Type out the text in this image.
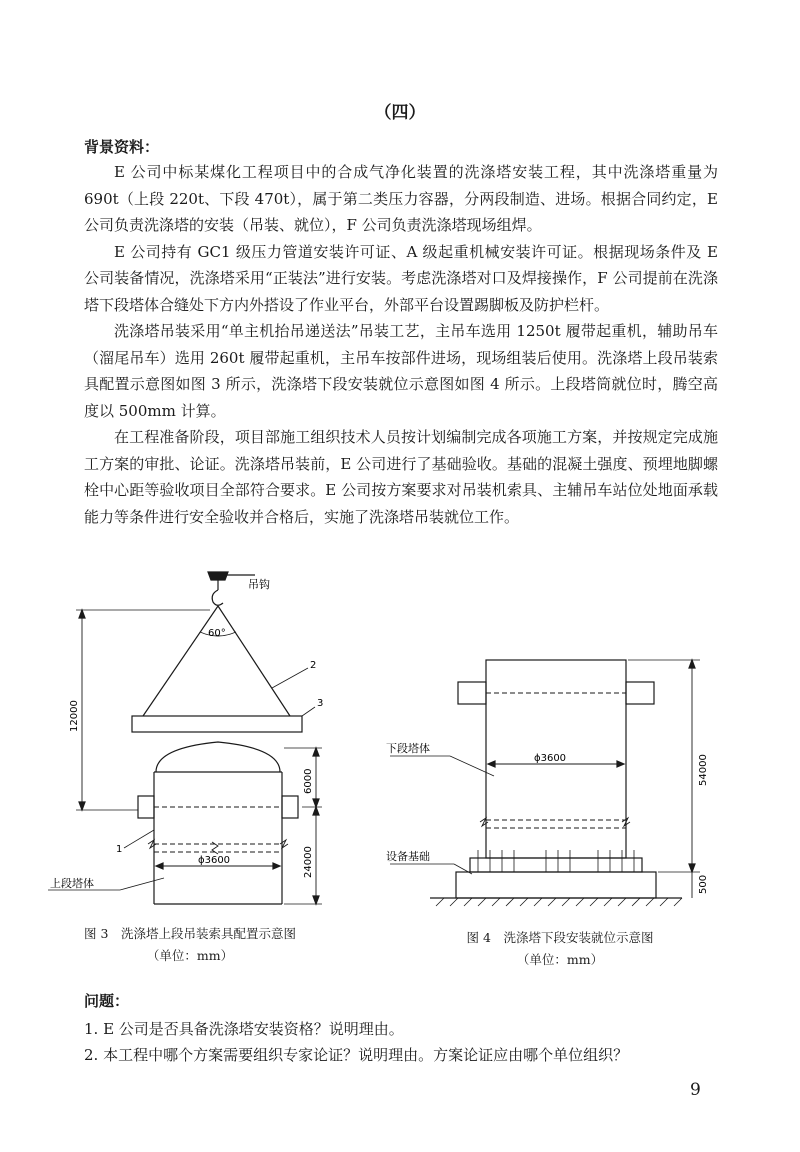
（四）
背景资料：

E 公司中标某煤化工程项目中的合成气净化装置的洗涤塔安装工程，其中洗涤塔重量为 690t（上段 220t、下段 470t），属于第二类压力容器，分两段制造、进场。根据合同约定，E 公司负责洗涤塔的安装（吊装、就位），F 公司负责洗涤塔现场组焊。

E 公司持有 GC1 级压力管道安装许可证、A 级起重机械安装许可证。根据现场条件及 E 公司装备情况，洗涤塔采用“正装法”进行安装。考虑洗涤塔对口及焊接操作，F 公司提前在洗涤塔下段塔体合缝处下方内外搭设了作业平台，外部平台设置踢脚板及防护栏杆。

洗涤塔吊装采用“单主机抬吊递送法”吊装工艺，主吊车选用 1250t 履带起重机，辅助吊车（溜尾吊车）选用 260t 履带起重机，主吊车按部件进场，现场组装后使用。洗涤塔上段吊装索具配置示意图如图 3 所示，洗涤塔下段安装就位示意图如图 4 所示。上段塔筒就位时，腾空高度以 500mm 计算。

在工程准备阶段，项目部施工组织技术人员按计划编制完成各项施工方案，并按规定完成施工方案的审批、论证。洗涤塔吊装前，E 公司进行了基础验收。基础的混凝土强度、预埋地脚螺栓中心距等验收项目全部符合要求。E 公司按方案要求对吊装机索具、主辅吊车站位处地面承载能力等条件进行安全验收并合格后，实施了洗涤塔吊装就位工作。

吊钩
60°
2
3
1
ϕ3600
上段塔体
12000
6000
24000
下段塔体
ϕ3600
设备基础
54000
500
图 3　洗涤塔上段吊装索具配置示意图
（单位：mm）
图 4　洗涤塔下段安装就位示意图
（单位：mm）
问题：
1. E 公司是否具备洗涤塔安装资格？说明理由。
2. 本工程中哪个方案需要组织专家论证？说明理由。方案论证应由哪个单位组织？
9
